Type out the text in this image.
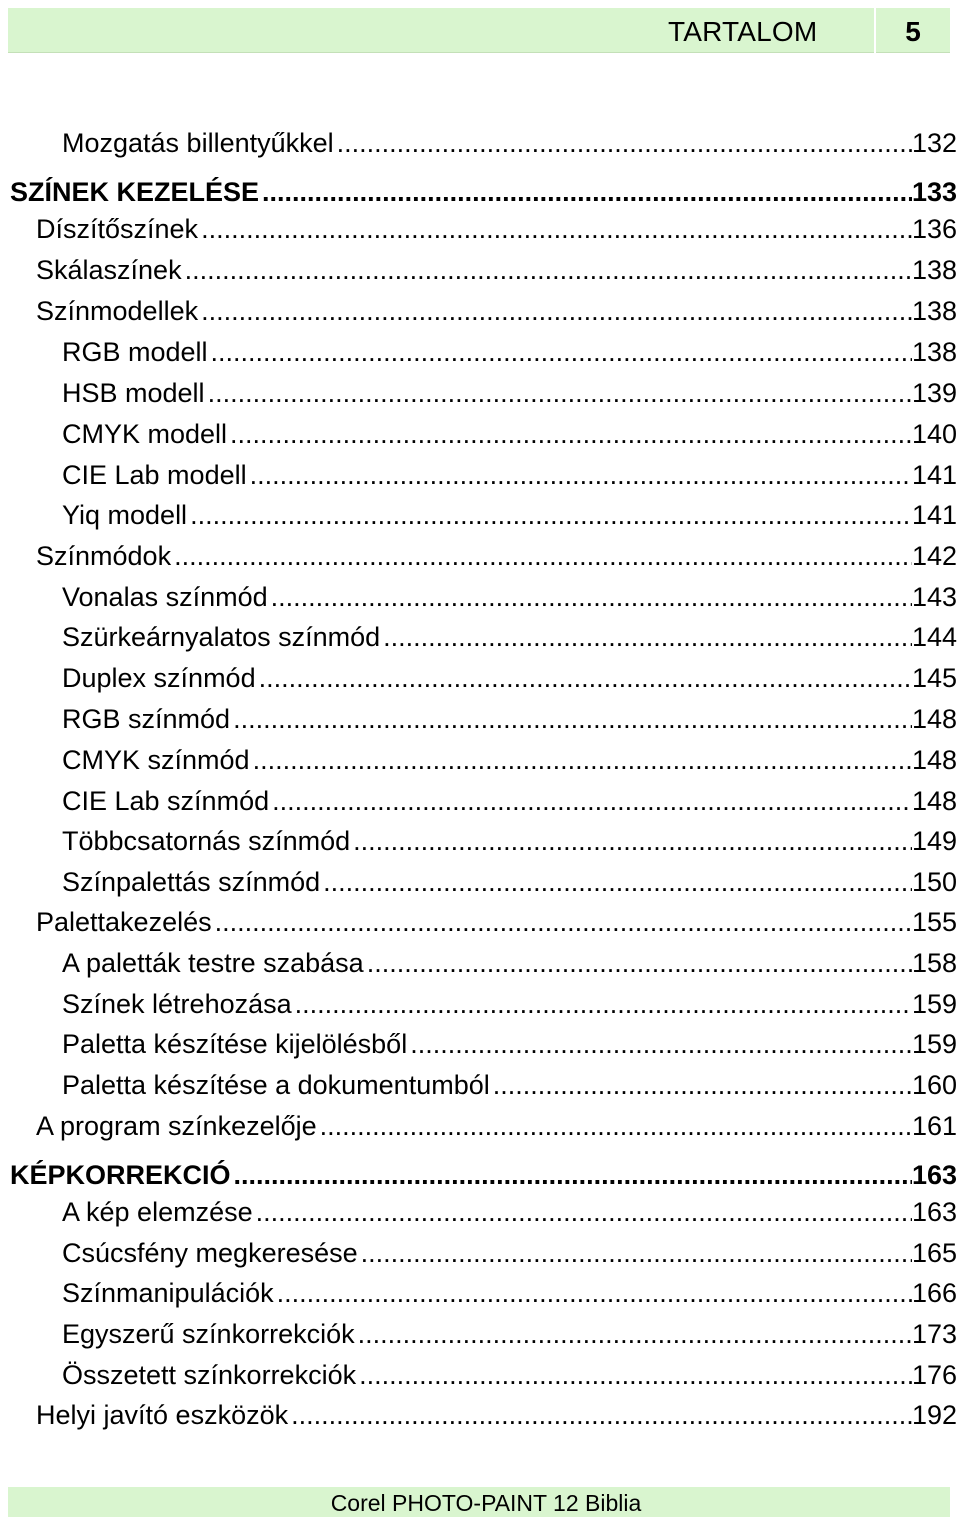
TARTALOM	5
Mozgatás billentyűkkel .....	132
SZÍNEK KEZELÉSE .....	133
Díszítőszínek .....	136
Skálaszínek .....	138
Színmodellek .....	138
RGB modell .....	138
HSB modell .....	139
CMYK modell .....	140
CIE Lab modell .....	141
Yiq modell .....	141
Színmódok .....	142
Vonalas színmód .....	143
Szürkeárnyalatos színmód .....	144
Duplex színmód .....	145
RGB színmód .....	148
CMYK színmód .....	148
CIE Lab színmód .....	148
Többcsatornás színmód .....	149
Színpalettás színmód .....	150
Palettakezelés .....	155
A paletták testre szabása .....	158
Színek létrehozása .....	159
Paletta készítése kijelölésből .....	159
Paletta készítése a dokumentumból .....	160
A program színkezelője .....	161
KÉPKORREKCIÓ .....	163
A kép elemzése .....	163
Csúcsfény megkeresése .....	165
Színmanipulációk .....	166
Egyszerű színkorrekciók .....	173
Összetett színkorrekciók .....	176
Helyi javító eszközök .....	192
Corel PHOTO-PAINT 12 Biblia
